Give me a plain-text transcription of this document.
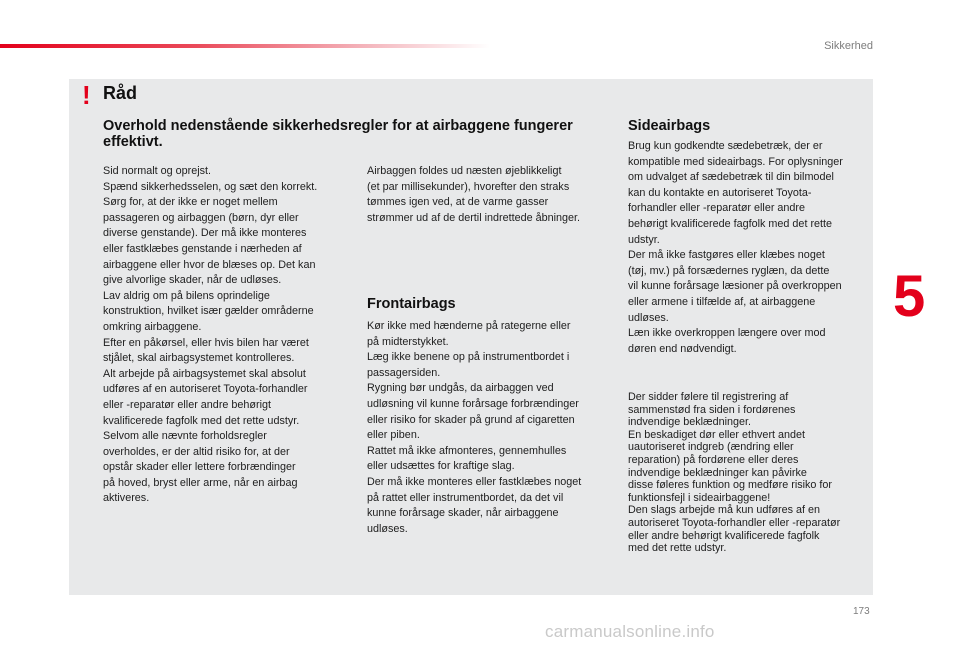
Sikkerhed
5
! Råd
Overhold nedenstående sikkerhedsregler for at airbaggene fungerer effektivt.
Sid normalt og oprejst.
Spænd sikkerhedsselen, og sæt den korrekt.
Sørg for, at der ikke er noget mellem
passageren og airbaggen (børn, dyr eller
diverse genstande). Der må ikke monteres
eller fastklæbes genstande i nærheden af
airbaggene eller hvor de blæses op. Det kan
give alvorlige skader, når de udløses.
Lav aldrig om på bilens oprindelige
konstruktion, hvilket især gælder områderne
omkring airbaggene.
Efter en påkørsel, eller hvis bilen har været
stjålet, skal airbagsystemet kontrolleres.
Alt arbejde på airbagsystemet skal absolut
udføres af en autoriseret Toyota-forhandler
eller -reparatør eller andre behørigt
kvalificerede fagfolk med det rette udstyr.
Selvom alle nævnte forholdsregler
overholdes, er der altid risiko for, at der
opstår skader eller lettere forbrændinger
på hoved, bryst eller arme, når en airbag
aktiveres.
Airbaggen foldes ud næsten øjeblikkeligt
(et par millisekunder), hvorefter den straks
tømmes igen ved, at de varme gasser
strømmer ud af de dertil indrettede åbninger.
Frontairbags
Kør ikke med hænderne på rategerne eller
på midterstykket.
Læg ikke benene op på instrumentbordet i
passagersiden.
Rygning bør undgås, da airbaggen ved
udløsning vil kunne forårsage forbrændinger
eller risiko for skader på grund af cigaretten
eller piben.
Rattet må ikke afmonteres, gennemhulles
eller udsættes for kraftige slag.
Der må ikke monteres eller fastklæbes noget
på rattet eller instrumentbordet, da det vil
kunne forårsage skader, når airbaggene
udløses.
Sideairbags
Brug kun godkendte sædebetræk, der er
kompatible med sideairbags. For oplysninger
om udvalget af sædebetræk til din bilmodel
kan du kontakte en autoriseret Toyota-
forhandler eller -reparatør eller andre
behørigt kvalificerede fagfolk med det rette
udstyr.
Der må ikke fastgøres eller klæbes noget
(tøj, mv.) på forsædernes ryglæn, da dette
vil kunne forårsage læsioner på overkroppen
eller armene i tilfælde af, at airbaggene
udløses.
Læn ikke overkroppen længere over mod
døren end nødvendigt.
Der sidder følere til registrering af
sammenstød fra siden i fordørenes
indvendige beklædninger.
En beskadiget dør eller ethvert andet
uautoriseret indgreb (ændring eller
reparation) på fordørene eller deres
indvendige beklædninger kan påvirke
disse føleres funktion og medføre risiko for
funktionsfejl i sideairbaggene!
Den slags arbejde må kun udføres af en
autoriseret Toyota-forhandler eller -reparatør
eller andre behørigt kvalificerede fagfolk
med det rette udstyr.
173
carmanualsonline.info
